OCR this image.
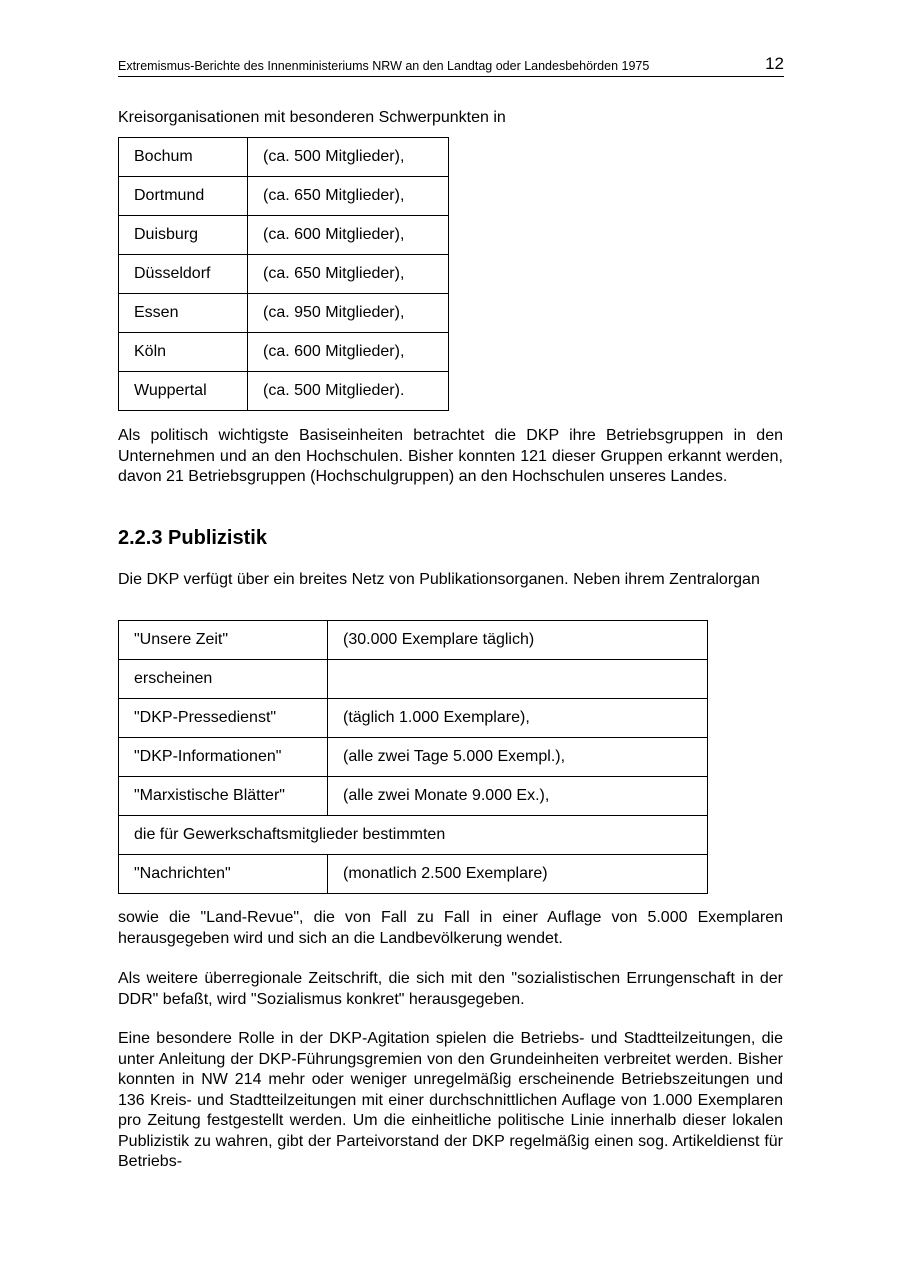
Extremismus-Berichte des Innenministeriums NRW an den Landtag oder Landesbehörden 1975	12
Kreisorganisationen mit besonderen Schwerpunkten in
Bochum	(ca. 500 Mitglieder),
Dortmund	(ca. 650 Mitglieder),
Duisburg	(ca. 600 Mitglieder),
Düsseldorf	(ca. 650 Mitglieder),
Essen	(ca. 950 Mitglieder),
Köln	(ca. 600 Mitglieder),
Wuppertal	(ca. 500 Mitglieder).
Als politisch wichtigste Basiseinheiten betrachtet die DKP ihre Betriebsgruppen in den Unternehmen und an den Hochschulen. Bisher konnten 121 dieser Gruppen erkannt werden, davon 21 Betriebsgruppen (Hochschulgruppen) an den Hochschulen unseres Landes.
2.2.3 Publizistik
Die DKP verfügt über ein breites Netz von Publikationsorganen. Neben ihrem Zentralorgan
"Unsere Zeit"	(30.000 Exemplare täglich)
erscheinen	
"DKP-Pressedienst"	(täglich 1.000 Exemplare),
"DKP-Informationen"	(alle zwei Tage 5.000 Exempl.),
"Marxistische Blätter"	(alle zwei Monate 9.000 Ex.),
die für Gewerkschaftsmitglieder bestimmten	
"Nachrichten"	(monatlich 2.500 Exemplare)
sowie die "Land-Revue", die von Fall zu Fall in einer Auflage von 5.000 Exemplaren herausgegeben wird und sich an die Landbevölkerung wendet.
Als weitere überregionale Zeitschrift, die sich mit den "sozialistischen Errungenschaft in der DDR" befaßt, wird "Sozialismus konkret" herausgegeben.
Eine besondere Rolle in der DKP-Agitation spielen die Betriebs- und Stadtteilzeitungen, die unter Anleitung der DKP-Führungsgremien von den Grundeinheiten verbreitet werden. Bisher konnten in NW 214 mehr oder weniger unregelmäßig erscheinende Betriebszeitungen und 136 Kreis- und Stadtteilzeitungen mit einer durchschnittlichen Auflage von 1.000 Exemplaren pro Zeitung festgestellt werden. Um die einheitliche politische Linie innerhalb dieser lokalen Publizistik zu wahren, gibt der Parteivorstand der DKP regelmäßig einen sog. Artikeldienst für Betriebs-
